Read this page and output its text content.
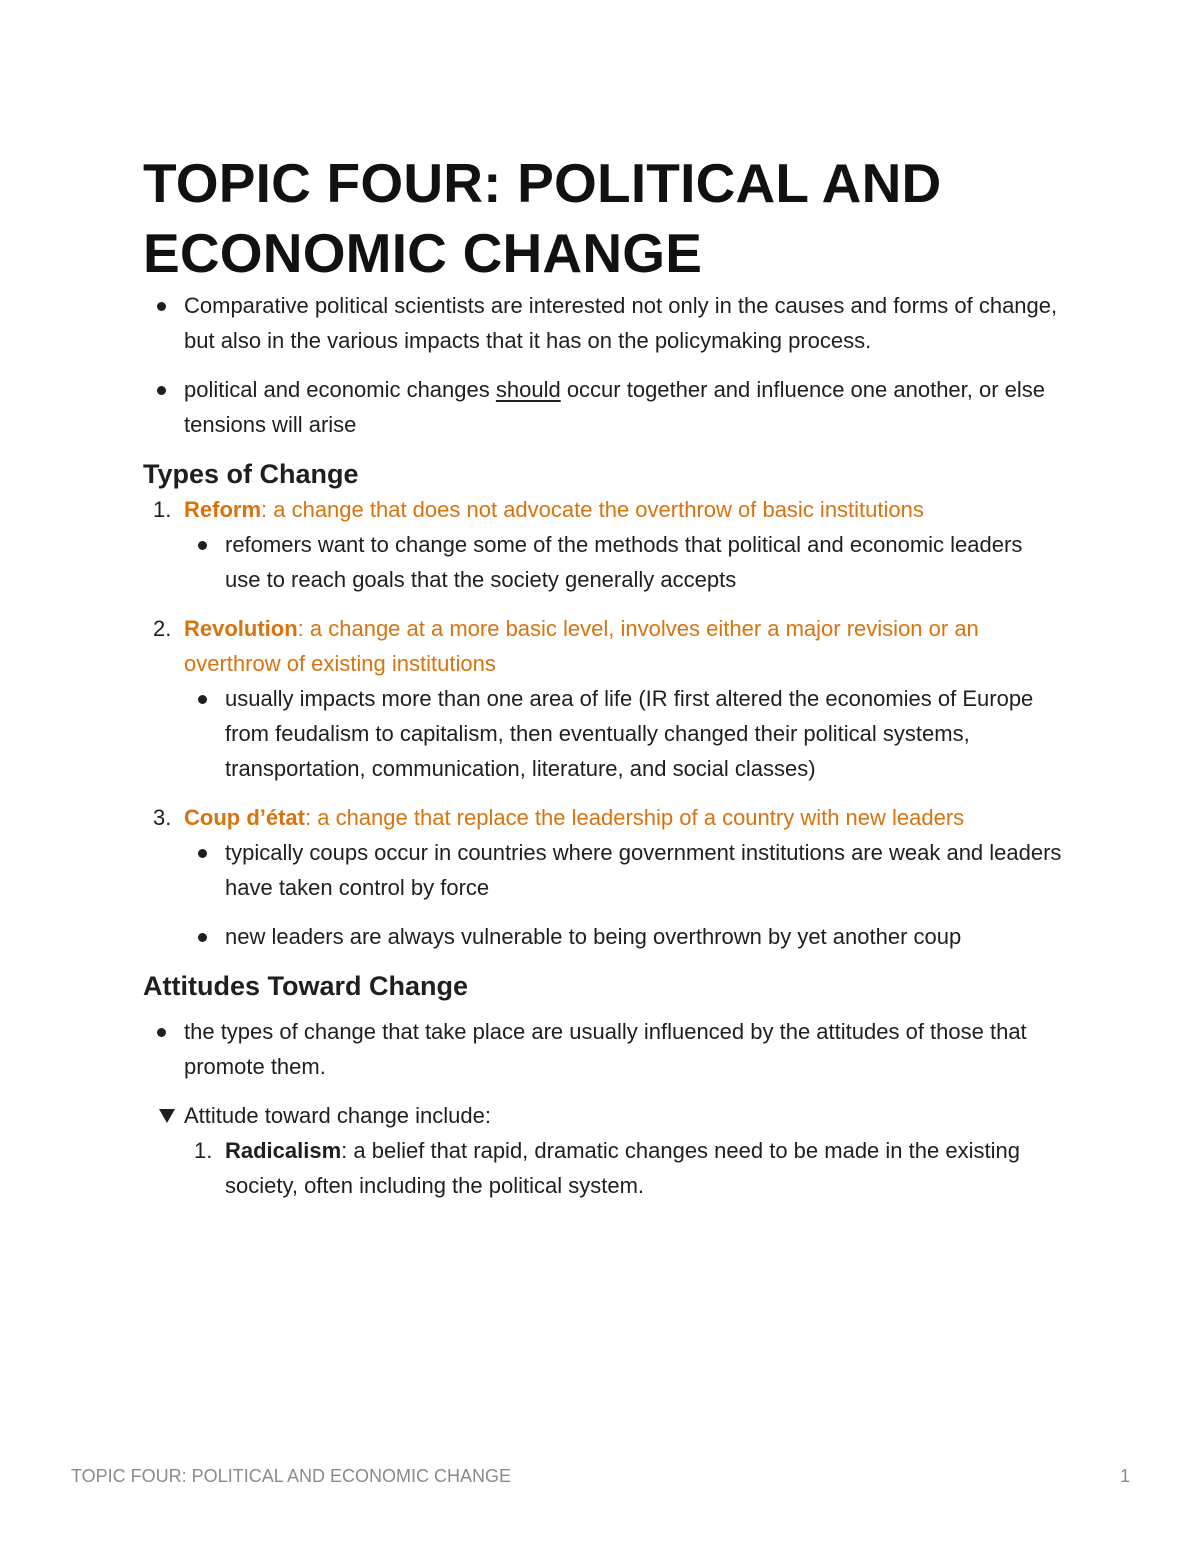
TOPIC FOUR: POLITICAL AND
ECONOMIC CHANGE
Comparative political scientists are interested not only in the causes and forms of change, but also in the various impacts that it has on the policymaking process.
political and economic changes should occur together and influence one another, or else tensions will arise
Types of Change
1. Reform: a change that does not advocate the overthrow of basic institutions
refomers want to change some of the methods that political and economic leaders use to reach goals that the society generally accepts
2. Revolution: a change at a more basic level, involves either a major revision or an overthrow of existing institutions
usually impacts more than one area of life (IR first altered the economies of Europe from feudalism to capitalism, then eventually changed their political systems, transportation, communication, literature, and social classes)
3. Coup d’état: a change that replace the leadership of a country with new leaders
typically coups occur in countries where government institutions are weak and leaders have taken control by force
new leaders are always vulnerable to being overthrown by yet another coup
Attitudes Toward Change
the types of change that take place are usually influenced by the attitudes of those that promote them.
Attitude toward change include:
1. Radicalism: a belief that rapid, dramatic changes need to be made in the existing society, often including the political system.
TOPIC FOUR: POLITICAL AND ECONOMIC CHANGE	1
